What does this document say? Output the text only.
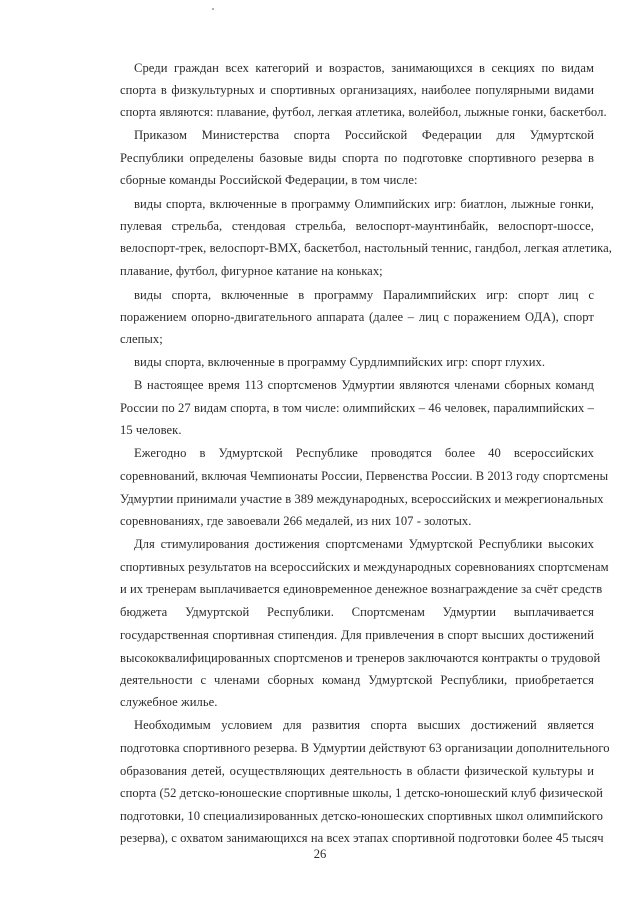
Среди граждан всех категорий и возрастов, занимающихся в секциях по видам
спорта в физкультурных и спортивных организациях, наиболее популярными видами
спорта являются: плавание, футбол, легкая атлетика, волейбол, лыжные гонки, баскетбол.
Приказом Министерства спорта Российской Федерации для Удмуртской
Республики определены базовые виды спорта по подготовке спортивного резерва в
сборные команды Российской Федерации, в том числе:
виды спорта, включенные в программу Олимпийских игр: биатлон, лыжные гонки,
пулевая стрельба, стендовая стрельба, велоспорт-маунтинбайк, велоспорт-шоссе,
велоспорт-трек, велоспорт-BMX, баскетбол, настольный теннис, гандбол, легкая атлетика,
плавание, футбол, фигурное катание на коньках;
виды спорта, включенные в программу Паралимпийских игр: спорт лиц с
поражением опорно-двигательного аппарата (далее – лиц с поражением ОДА), спорт
слепых;
виды спорта, включенные в программу Сурдлимпийских игр: спорт глухих.
В настоящее время 113 спортсменов Удмуртии являются членами сборных команд
России по 27 видам спорта, в том числе: олимпийских – 46 человек, паралимпийских –
15 человек.
Ежегодно в Удмуртской Республике проводятся более 40 всероссийских
соревнований, включая Чемпионаты России, Первенства России. В 2013 году спортсмены
Удмуртии принимали участие в 389 международных, всероссийских и межрегиональных
соревнованиях, где завоевали 266 медалей, из них 107 - золотых.
Для стимулирования достижения спортсменами Удмуртской Республики высоких
спортивных результатов на всероссийских и международных соревнованиях спортсменам
и их тренерам выплачивается единовременное денежное вознаграждение за счёт средств
бюджета Удмуртской Республики. Спортсменам Удмуртии выплачивается
государственная спортивная стипендия. Для привлечения в спорт высших достижений
высококвалифицированных спортсменов и тренеров заключаются контракты о трудовой
деятельности с членами сборных команд Удмуртской Республики, приобретается
служебное жилье.
Необходимым условием для развития спорта высших достижений является
подготовка спортивного резерва. В Удмуртии действуют 63 организации дополнительного
образования детей, осуществляющих деятельность в области физической культуры и
спорта (52 детско-юношеские спортивные школы, 1 детско-юношеский клуб физической
подготовки, 10 специализированных детско-юношеских спортивных школ олимпийского
резерва), с охватом занимающихся на всех этапах спортивной подготовки более 45 тысяч
26
